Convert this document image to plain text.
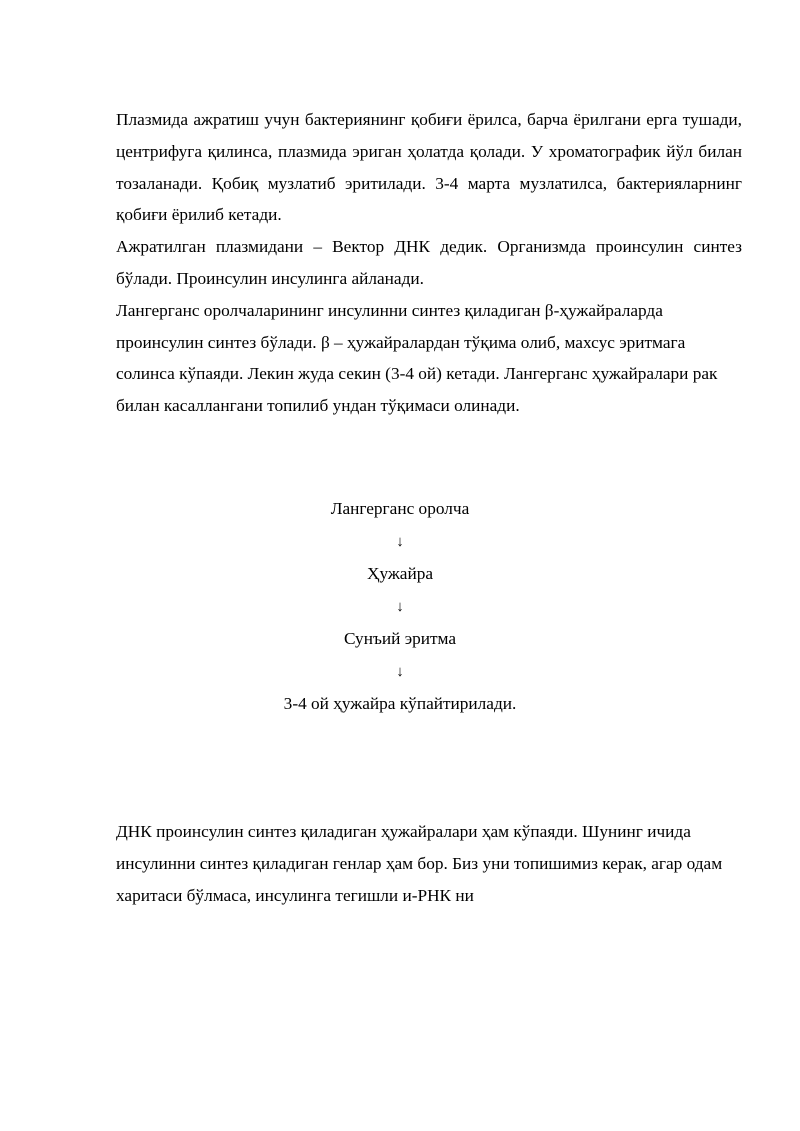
Плазмида ажратиш учун бактериянинг қобиғи ёрилса, барча ёрилгани ерга тушади, центрифуга қилинса, плазмида эриган ҳолатда қолади. У хроматографик йўл билан тозаланади. Қобиқ музлатиб эритилади. 3-4 марта музлатилса, бактерияларнинг қобиғи ёрилиб кетади.

Ажратилган плазмидани – Вектор ДНК дедик. Организмда проинсулин синтез бўлади. Проинсулин инсулинга айланади.

Лангерганс оролчаларининг инсулинни синтез қиладиган β-ҳужайраларда проинсулин синтез бўлади. β – ҳужайралардан тўқима олиб, махсус эритмага солинса кўпаяди. Лекин жуда секин (3-4 ой) кетади. Лангерганс ҳужайралари рак билан касаллангани топилиб ундан тўқимаси олинади.

Лангерганс оролча
↓
Ҳужайра
↓
Сунъий эритма
↓
3-4 ой ҳужайра кўпайтирилади.

ДНК проинсулин синтез қиладиган ҳужайралари ҳам кўпаяди. Шунинг ичида инсулинни синтез қиладиган генлар ҳам бор. Биз уни топишимиз керак, агар одам харитаси бўлмаса, инсулинга тегишли и-РНК ни
